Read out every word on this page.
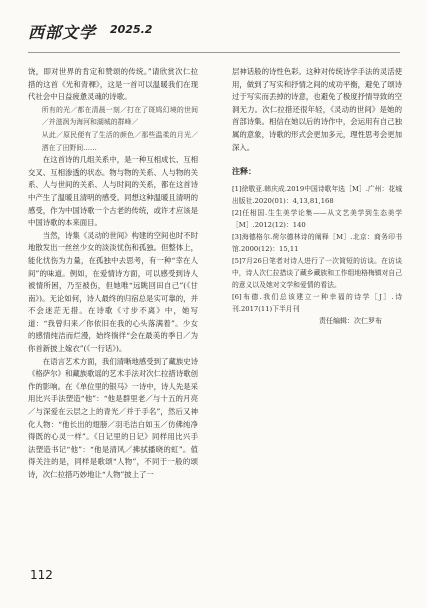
西部文学 2025.2

饶，即对世界的肯定和赞颂的传统。”请欣赏次仁拉措的这首《光和青稞》，这是一首可以温暖我们在现代社会中日益疲惫灵魂的诗歌。

所有的光／都在清晨一刻／打在了斑鸠幻境的世间／并滋润为海河和湖城的群峰／

从此／原民便有了生活的颜色／那些温柔的月光／洒在了田野间……

在这首诗的几组关系中，是一种互相成长、互相交叉、互相渗透的状态。物与物的关系、人与物的关系、人与世间的关系、人与时间的关系，都在这首诗中产生了温暖且清明的感受。同想这种温暖且清明的感受，作为中国诗歌一个古老的传统，或许才应该是中国诗歌的本来面目。

当然，诗集《灵动的世间》构建的空间也时不时地散发出一丝丝少女的淡淡忧伤和孤独。但整体上，能化忧伤为力量，在孤独中去思考，有一种“幸在人间”的味道。例如，在爱情诗方面，可以感受到诗人被情所困，乃至被伤，但她唯“远眺回田自己”(《甘南》)。无论如何，诗人最终的归宿总是实可靠的，并不会迷茫无措。在诗歌《寸步不离》中，她写道：“我曾归来／你依旧在我的心头落满着”。少女的感情纯洁而烂漫，始终徜徉“会在最美的季日／为你首新披上嫁衣”(《一行话》)。

在语言艺术方面，我们清晰地感受到了藏族史诗《格萨尔》和藏族歌谣的艺术手法对次仁拉措诗歌创作的影响。在《单位里的银马》一诗中，诗人先是采用比兴手法塑造“他”：“他是群里老／与十五的月亮／与深爱在云层之上的青光／并于手名”，然后又神化人物：“他长出的翅膀／羽毛洁白如玉／仿佛纯净得既的心灵一样”。《日记里的日记》同样用比兴手法塑造书记“他”：“他是清风／拂拭播晓的虹”。值得关注的是，同样是歌颂“人物”，不同于一般的颂诗，次仁拉措巧妙地让“人物”披上了一

层神话般的诗性色彩。这种对传统诗学手法的灵活使用，做到了写实和抒情之间的成功平衡，避免了颂诗过于写实而丢掉的诗意，也避免了极度抒情导致的空洞无力。次仁拉措还很年轻，《灵动的世间》是她的首部诗集。相信在她以后的诗作中，会运用有自己独属的意象，诗歌的形式会更加多元，理性思考会更加深入。

注释：

[1]徐敬亚.韩庆成.2019中国诗歌年选［M］.广州：花城出版社.2020(01)：4,13,81,168

[2]任相国.生生美学论集——从文艺美学到生态美学［M］.2012(12)：140

[3]海德格尔.荷尔德林诗的阐释［M］.北京：商务印书馆.2000(12)：15,11

[5]7月26日笔者对诗人进行了一次简短的访谈。在访谈中，诗人次仁拉措谈了藏乡藏族和工作组地格梅镇对自己的意义以及她对文学和爱情的看法。

[6]布德.我们总该建立一种幸福的诗学［J］.诗刊.2017(11)下半月刊

责任编辑：次仁罗布

112
